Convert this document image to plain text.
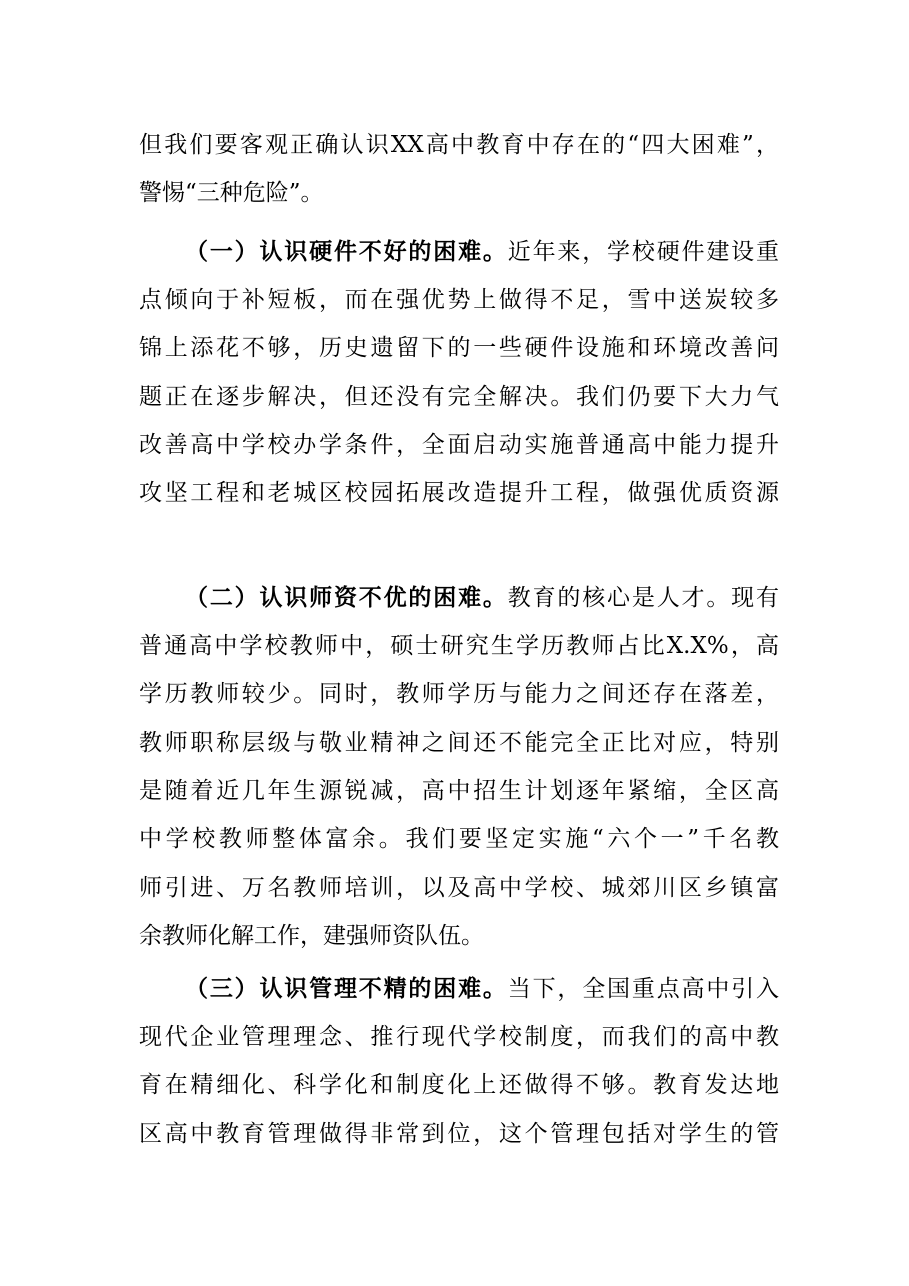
但我们要客观正确认识XX高中教育中存在的“四大困难”，
警惕“三种危险”。
（一）认识硬件不好的困难。近年来，学校硬件建设重
点倾向于补短板，而在强优势上做得不足，雪中送炭较多
锦上添花不够，历史遗留下的一些硬件设施和环境改善问
题正在逐步解决，但还没有完全解决。我们仍要下大力气
改善高中学校办学条件，全面启动实施普通高中能力提升
攻坚工程和老城区校园拓展改造提升工程，做强优质资源
（二）认识师资不优的困难。教育的核心是人才。现有
普通高中学校教师中，硕士研究生学历教师占比X.X%，高
学历教师较少。同时，教师学历与能力之间还存在落差，
教师职称层级与敬业精神之间还不能完全正比对应，特别
是随着近几年生源锐减，高中招生计划逐年紧缩，全区高
中学校教师整体富余。我们要坚定实施“六个一”千名教
师引进、万名教师培训，以及高中学校、城郊川区乡镇富
余教师化解工作，建强师资队伍。
（三）认识管理不精的困难。当下，全国重点高中引入
现代企业管理理念、推行现代学校制度，而我们的高中教
育在精细化、科学化和制度化上还做得不够。教育发达地
区高中教育管理做得非常到位，这个管理包括对学生的管
